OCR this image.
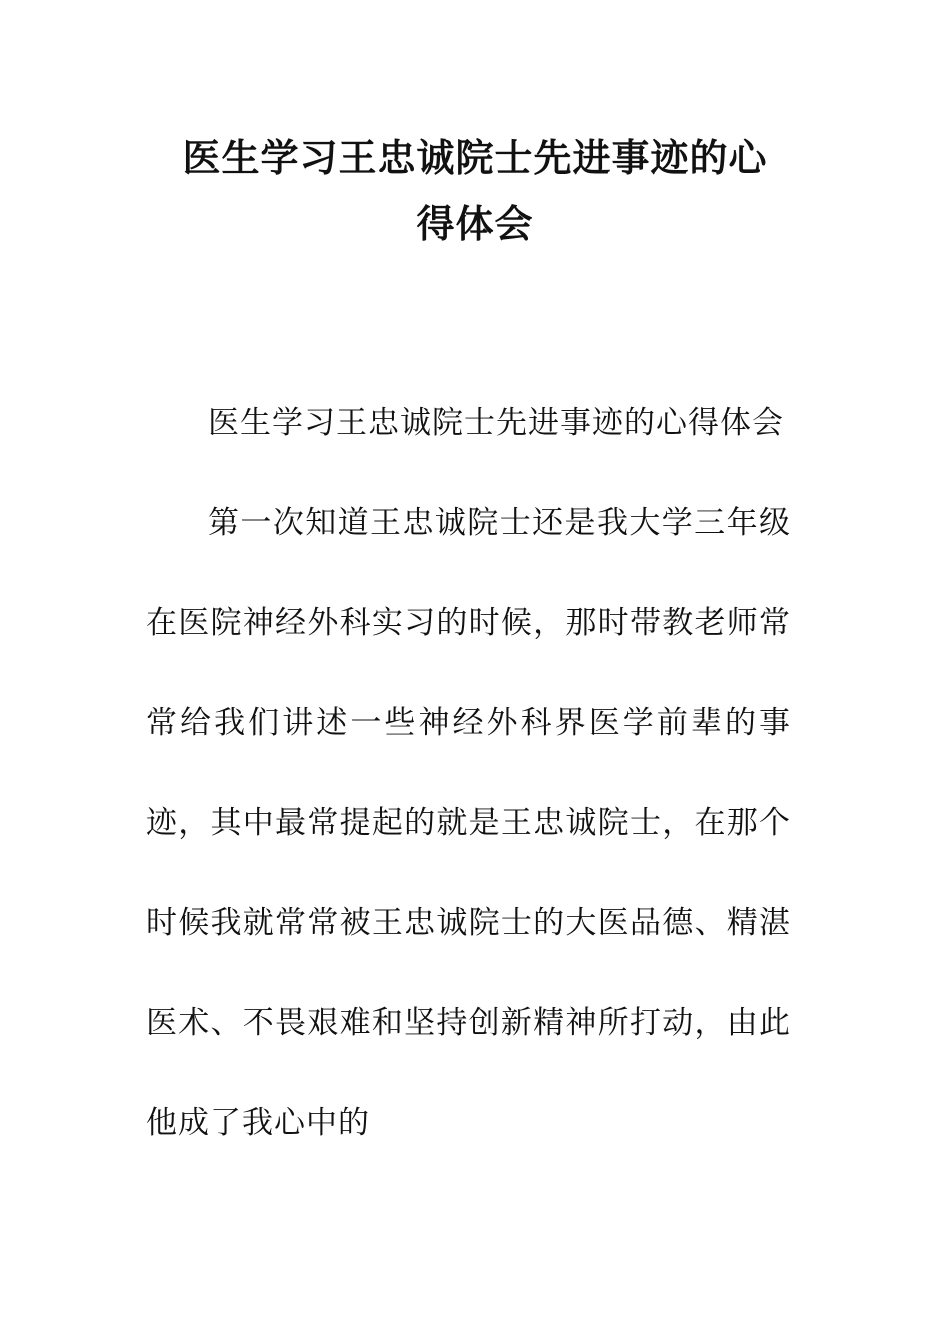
医生学习王忠诚院士先进事迹的心
得体会

医生学习王忠诚院士先进事迹的心得体会

第一次知道王忠诚院士还是我大学三年级在医院神经外科实习的时候，那时带教老师常常给我们讲述一些神经外科界医学前辈的事迹，其中最常提起的就是王忠诚院士，在那个时候我就常常被王忠诚院士的大医品德、精湛医术、不畏艰难和坚持创新精神所打动，由此他成了我心中的
